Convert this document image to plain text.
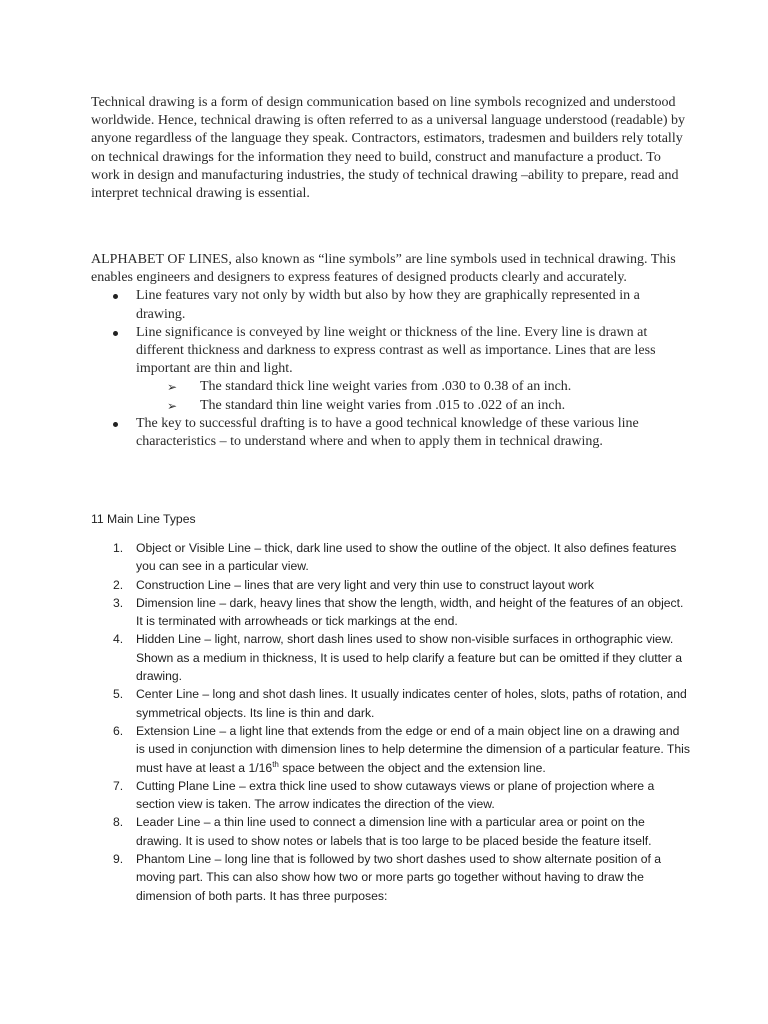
Technical drawing is a form of design communication based on line symbols recognized and understood worldwide. Hence, technical drawing is often referred to as a universal language understood (readable) by anyone regardless of the language they speak. Contractors, estimators, tradesmen and builders rely totally on technical drawings for the information they need to build, construct and manufacture a product. To work in design and manufacturing industries, the study of technical drawing –ability to prepare, read and interpret technical drawing is essential.

ALPHABET OF LINES, also known as “line symbols” are line symbols used in technical drawing. This enables engineers and designers to express features of designed products clearly and accurately.

Line features vary not only by width but also by how they are graphically represented in a drawing.
Line significance is conveyed by line weight or thickness of the line. Every line is drawn at different thickness and darkness to express contrast as well as importance. Lines that are less important are thin and light.
➢	The standard thick line weight varies from .030 to 0.38 of an inch.
➢	The standard thin line weight varies from .015 to .022 of an inch.
The key to successful drafting is to have a good technical knowledge of these various line characteristics – to understand where and when to apply them in technical drawing.

11 Main Line Types

1. Object or Visible Line – thick, dark line used to show the outline of the object. It also defines features you can see in a particular view.
2. Construction Line – lines that are very light and very thin use to construct layout work
3. Dimension line – dark, heavy lines that show the length, width, and height of the features of an object. It is terminated with arrowheads or tick markings at the end.
4. Hidden Line – light, narrow, short dash lines used to show non-visible surfaces in orthographic view. Shown as a medium in thickness, It is used to help clarify a feature but can be omitted if they clutter a drawing.
5. Center Line – long and shot dash lines. It usually indicates center of holes, slots, paths of rotation, and symmetrical objects. Its line is thin and dark.
6. Extension Line – a light line that extends from the edge or end of a main object line on a drawing and is used in conjunction with dimension lines to help determine the dimension of a particular feature. This must have at least a 1/16th space between the object and the extension line.
7. Cutting Plane Line – extra thick line used to show cutaways views or plane of projection where a section view is taken. The arrow indicates the direction of the view.
8. Leader Line – a thin line used to connect a dimension line with a particular area or point on the drawing. It is used to show notes or labels that is too large to be placed beside the feature itself.
9. Phantom Line – long line that is followed by two short dashes used to show alternate position of a moving part. This can also show how two or more parts go together without having to draw the dimension of both parts. It has three purposes:
